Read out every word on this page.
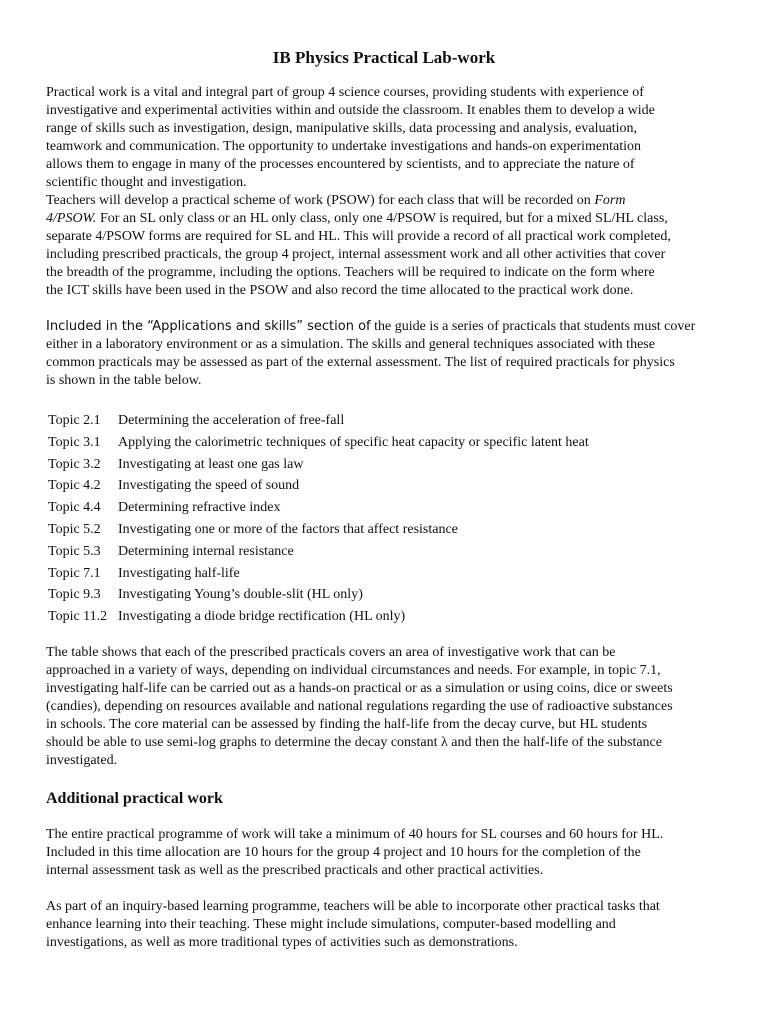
IB Physics Practical Lab-work
Practical work is a vital and integral part of group 4 science courses, providing students with experience of
investigative and experimental activities within and outside the classroom. It enables them to develop a wide
range of skills such as investigation, design, manipulative skills, data processing and analysis, evaluation,
teamwork and communication. The opportunity to undertake investigations and hands-on experimentation
allows them to engage in many of the processes encountered by scientists, and to appreciate the nature of
scientific thought and investigation.
Teachers will develop a practical scheme of work (PSOW) for each class that will be recorded on Form
4/PSOW. For an SL only class or an HL only class, only one 4/PSOW is required, but for a mixed SL/HL class,
separate 4/PSOW forms are required for SL and HL. This will provide a record of all practical work completed,
including prescribed practicals, the group 4 project, internal assessment work and all other activities that cover
the breadth of the programme, including the options. Teachers will be required to indicate on the form where
the ICT skills have been used in the PSOW and also record the time allocated to the practical work done.
Included in the “Applications and skills” section of the guide is a series of practicals that students must cover
either in a laboratory environment or as a simulation. The skills and general techniques associated with these
common practicals may be assessed as part of the external assessment. The list of required practicals for physics
is shown in the table below.
Topic 2.1 Determining the acceleration of free-fall
Topic 3.1 Applying the calorimetric techniques of specific heat capacity or specific latent heat
Topic 3.2 Investigating at least one gas law
Topic 4.2 Investigating the speed of sound
Topic 4.4 Determining refractive index
Topic 5.2 Investigating one or more of the factors that affect resistance
Topic 5.3 Determining internal resistance
Topic 7.1 Investigating half-life
Topic 9.3 Investigating Young’s double-slit (HL only)
Topic 11.2 Investigating a diode bridge rectification (HL only)
The table shows that each of the prescribed practicals covers an area of investigative work that can be
approached in a variety of ways, depending on individual circumstances and needs. For example, in topic 7.1,
investigating half-life can be carried out as a hands-on practical or as a simulation or using coins, dice or sweets
(candies), depending on resources available and national regulations regarding the use of radioactive substances
in schools. The core material can be assessed by finding the half-life from the decay curve, but HL students
should be able to use semi-log graphs to determine the decay constant λ and then the half-life of the substance
investigated.
Additional practical work
The entire practical programme of work will take a minimum of 40 hours for SL courses and 60 hours for HL.
Included in this time allocation are 10 hours for the group 4 project and 10 hours for the completion of the
internal assessment task as well as the prescribed practicals and other practical activities.
As part of an inquiry-based learning programme, teachers will be able to incorporate other practical tasks that
enhance learning into their teaching. These might include simulations, computer-based modelling and
investigations, as well as more traditional types of activities such as demonstrations.
